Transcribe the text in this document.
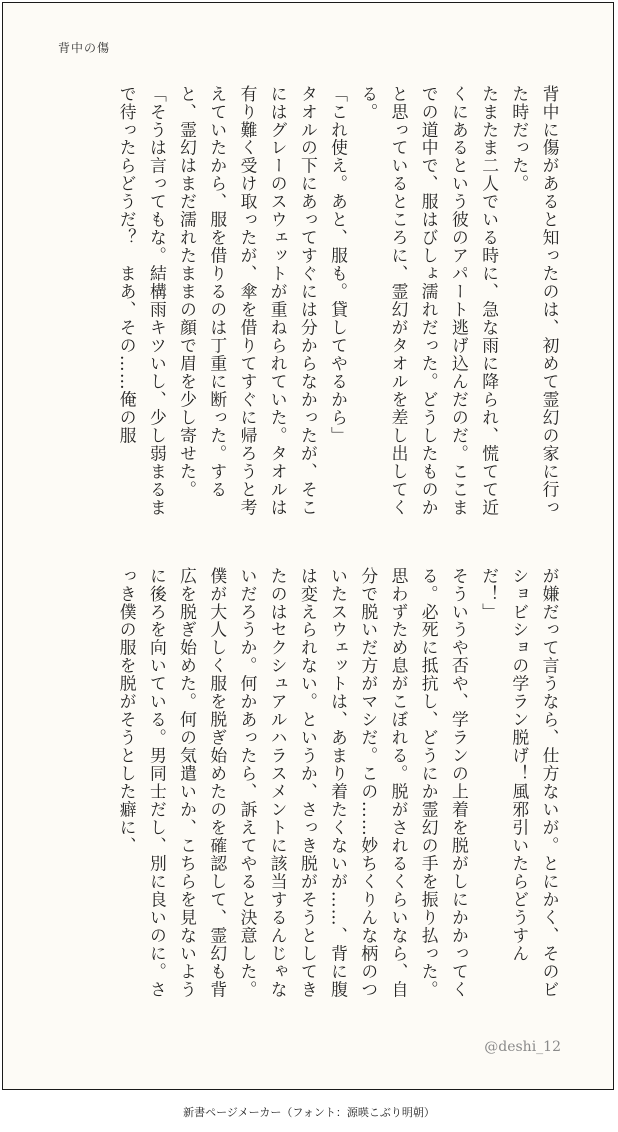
背中の傷

背中に傷があると知ったのは、初めて霊幻の家に行った時だった。

たまたま二人でいる時に、急な雨に降られ、慌てて近くにあるという彼のアパート逃げ込んだのだ。ここまでの道中で、服はびしょ濡れだった。どうしたものかと思っているところに、霊幻がタオルを差し出してくる。

「これ使え。あと、服も。貸してやるから」

タオルの下にあってすぐには分からなかったが、そこにはグレーのスウェットが重ねられていた。タオルは有り難く受け取ったが、傘を借りてすぐに帰ろうと考えていたから、服を借りるのは丁重に断った。すると、霊幻はまだ濡れたままの顔で眉を少し寄せた。

「そうは言ってもな。結構雨キツいし、少し弱まるまで待ったらどうだ？　まあ、その……俺の服

が嫌だって言うなら、仕方ないが。とにかく、そのビショビショの学ラン脱げ！風邪引いたらどうすんだ！」

そういうや否や、学ランの上着を脱がしにかかってくる。必死に抵抗し、どうにか霊幻の手を振り払った。思わずため息がこぼれる。脱がされるくらいなら、自分で脱いだ方がマシだ。この……妙ちくりんな柄のついたスウェットは、あまり着たくないが……、背に腹は変えられない。というか、さっき脱がそうとしてきたのはセクシュアルハラスメントに該当するんじゃないだろうか。何かあったら、訴えてやると決意した。

僕が大人しく服を脱ぎ始めたのを確認して、霊幻も背広を脱ぎ始めた。何の気遣いか、こちらを見ないように後ろを向いている。男同士だし、別に良いのに。さっき僕の服を脱がそうとした癖に、

@deshi_12
新書ページメーカー（フォント：源暎こぶり明朝）
